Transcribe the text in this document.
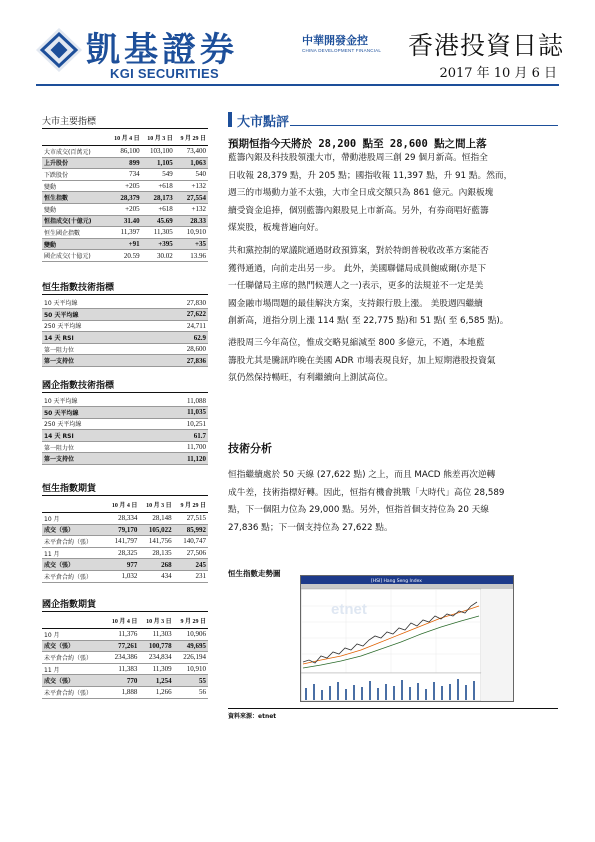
凱基證券
KGI SECURITIES
中華開發金控
CHINA DEVELOPMENT FINANCIAL 香港投資日誌
2017 年 10 月 6 日
大市主要指標
	10 月 4 日	10 月 3 日	9 月 29 日
大市成交(百萬元)	86,100	103,100	73,400
上升股份	899	1,105	1,063
下跌股份	734	549	540
變動	+205	+618	+132
恒生指數	28,379	28,173	27,554
變動	+205	+618	+132
恒指成交(十億元)	31.40	45.69	28.33
恒生國企指數	11,397	11,305	10,910
變動	+91	+395	+35
國企成交(十億元)	20.59	30.02	13.96
恒生指數技術指標
10 天平均線	27,830
50 天平均線	27,622
250 天平均線	24,711
14 天 RSI	62.9
第一阻力位	28,600
第一支持位	27,836
國企指數技術指標
10 天平均線	11,088
50 天平均線	11,035
250 天平均線	10,251
14 天 RSI	61.7
第一阻力位	11,700
第一支持位	11,120
恒生指數期貨
	10 月 4 日	10 月 3 日	9 月 29 日
10 月	28,334	28,148	27,515
成交（張）	79,170	105,022	85,992
未平倉合約（張）	141,797	141,756	140,747
11 月	28,325	28,135	27,506
成交（張）	977	268	245
未平倉合約（張）	1,032	434	231
國企指數期貨
	10 月 4 日	10 月 3 日	9 月 29 日
10 月	11,376	11,303	10,906
成交（張）	77,261	100,778	49,695
未平倉合約（張）	234,386	234,834	226,194
11 月	11,383	11,309	10,910
成交（張）	770	1,254	55
未平倉合約（張）	1,888	1,266	56
大市點評
預期恒指今天將於 28,200 點至 28,600 點之間上落
藍籌內銀及科技股領漲大市，帶動港股周三創 29 個月新高。恒指全
日收報 28,379 點，升 205 點；國指收報 11,397 點，升 91 點。然而，
週三的市場動力並不太強，大市全日成交額只為 861 億元。內銀板塊
續受資金追捧，個別藍籌內銀股見上市新高。另外，有券商唱好藍籌
煤炭股，板塊普遍向好。
共和黨控制的眾議院通過財政預算案，對於特朗普稅收改革方案能否
獲得通過，向前走出另一步。 此外，美國聯儲局成員鮑威爾(亦是下
一任聯儲局主席的熱門候選人之一)表示，更多的法規並不一定是美
國金融市場問題的最佳解決方案，支持銀行股上漲。 美股週四繼續
創新高，道指分別上漲 114 點( 至 22,775 點)和 51 點( 至 6,585 點)。
港股周三今年高位，惟成交略見縮減至 800 多億元，不過，本地藍
籌股尤其是騰訊昨晚在美國 ADR 市場表現良好，加上短期港股投資氣
氛仍然保持暢旺，有利繼續向上測試高位。
技術分析
恒指繼續處於 50 天線 (27,622 點) 之上，而且 MACD 熊差再次逆轉
成牛差，技術指標好轉。因此，恒指有機會挑戰「大時代」高位 28,589
點，下一個阻力位為 29,000 點。另外，恒指首個支持位為 20 天線
27,836 點；下一個支持位為 27,622 點。
恒生指數走勢圖
[HSI] Hang Seng Index
etnet
資料來源：etnet
